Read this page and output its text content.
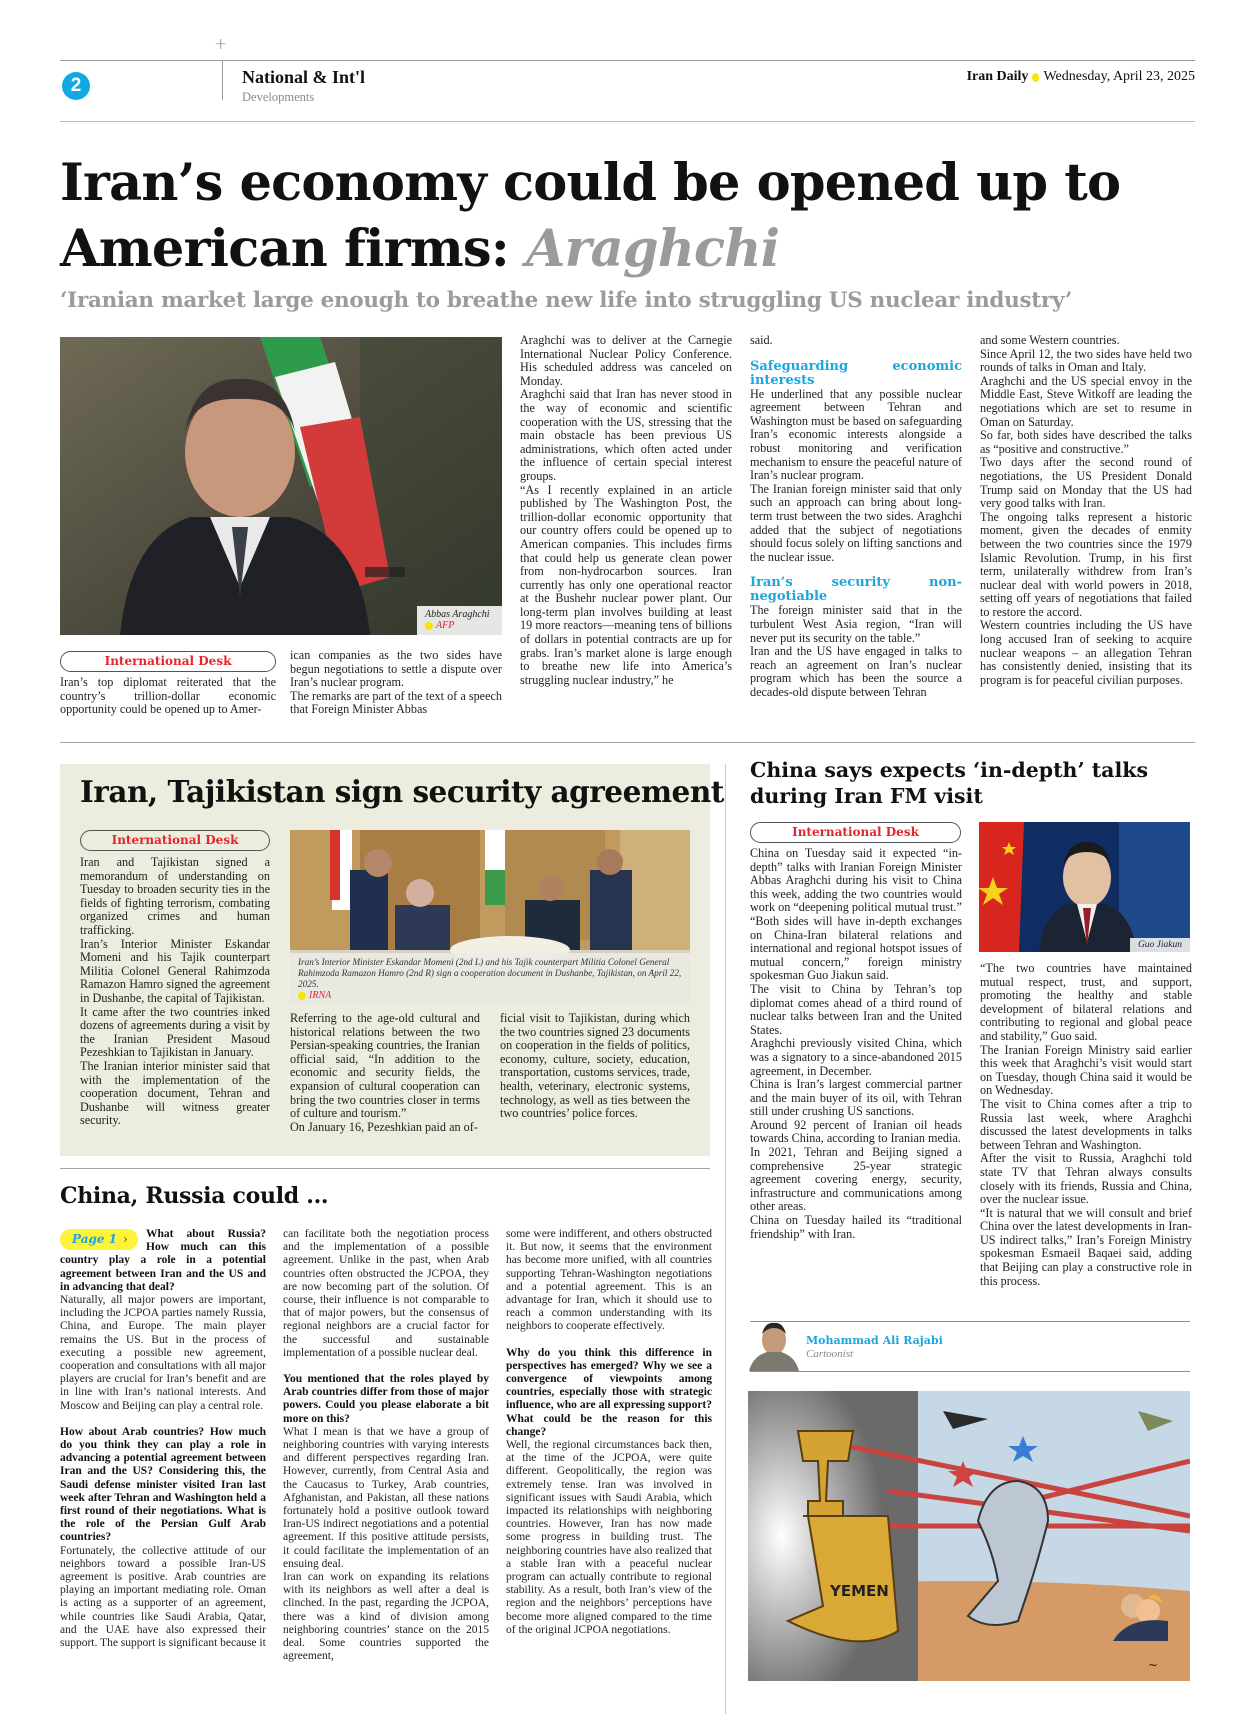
+
2	National & Int'l
Developments
Iran Daily Wednesday, April 23, 2025
Iran’s economy could be opened up to American firms: Araghchi
‘Iranian market large enough to breathe new life into struggling US nuclear industry’
Abbas Araghchi
AFP
International Desk

Iran’s top diplomat reiterated that the country’s trillion-dollar economic opportunity could be opened up to Amer-

ican companies as the two sides have begun negotiations to settle a dispute over Iran’s nuclear program.

The remarks are part of the text of a speech that Foreign Minister Abbas

Araghchi was to deliver at the Carnegie International Nuclear Policy Conference. His scheduled address was canceled on Monday.

Araghchi said that Iran has never stood in the way of economic and scientific cooperation with the US, stressing that the main obstacle has been previous US administrations, which often acted under the influence of certain special interest groups.

“As I recently explained in an article published by The Washington Post, the trillion-dollar economic opportunity that our country offers could be opened up to American companies. This includes firms that could help us generate clean power from non-hydrocarbon sources. Iran currently has only one operational reactor at the Bushehr nuclear power plant. Our long-term plan involves building at least 19 more reactors—meaning tens of billions of dollars in potential contracts are up for grabs. Iran’s market alone is large enough to breathe new life into America’s struggling nuclear industry,” he

said.

Safeguarding economic interests

He underlined that any possible nuclear agreement between Tehran and Washington must be based on safeguarding Iran’s economic interests alongside a robust monitoring and verification mechanism to ensure the peaceful nature of Iran’s nuclear program.

The Iranian foreign minister said that only such an approach can bring about long-term trust between the two sides. Araghchi added that the subject of negotiations should focus solely on lifting sanctions and the nuclear issue.

Iran’s security non-negotiable

The foreign minister said that in the turbulent West Asia region, “Iran will never put its security on the table.”

Iran and the US have engaged in talks to reach an agreement on Iran’s nuclear program which has been the source a decades-old dispute between Tehran

and some Western countries.

Since April 12, the two sides have held two rounds of talks in Oman and Italy.

Araghchi and the US special envoy in the Middle East, Steve Witkoff are leading the negotiations which are set to resume in Oman on Saturday.

So far, both sides have described the talks as “positive and constructive.”

Two days after the second round of negotiations, the US President Donald Trump said on Monday that the US had very good talks with Iran.

The ongoing talks represent a historic moment, given the decades of enmity between the two countries since the 1979 Islamic Revolution. Trump, in his first term, unilaterally withdrew from Iran’s nuclear deal with world powers in 2018, setting off years of negotiations that failed to restore the accord.

Western countries including the US have long accused Iran of seeking to acquire nuclear weapons – an allegation Tehran has consistently denied, insisting that its program is for peaceful civilian purposes.

Iran, Tajikistan sign security agreement
International Desk
Iran’s Interior Minister Eskandar Momeni (2nd L) and his Tajik counterpart Militia Colonel General Rahimzoda Ramazon Hamro (2nd R) sign a cooperation document in Dushanbe, Tajikistan, on April 22, 2025.
IRNA

Iran and Tajikistan signed a memorandum of understanding on Tuesday to broaden security ties in the fields of fighting terrorism, combating organized crimes and human trafficking.

Iran’s Interior Minister Eskandar Momeni and his Tajik counterpart Militia Colonel General Rahimzoda Ramazon Hamro signed the agreement in Dushanbe, the capital of Tajikistan.

It came after the two countries inked dozens of agreements during a visit by the Iranian President Masoud Pezeshkian to Tajikistan in January.

The Iranian interior minister said that with the implementation of the cooperation document, Tehran and Dushanbe will witness greater security.

Referring to the age-old cultural and historical relations between the two Persian-speaking countries, the Iranian official said, “In addition to the economic and security fields, the expansion of cultural cooperation can bring the two countries closer in terms of culture and tourism.”

On January 16, Pezeshkian paid an of-

ficial visit to Tajikistan, during which the two countries signed 23 documents on cooperation in the fields of politics, economy, culture, society, education, transportation, customs services, trade, health, veterinary, electronic systems, technology, as well as ties between the two countries’ police forces.

China says expects ‘in-depth’ talks during Iran FM visit
International Desk

China on Tuesday said it expected “in-depth” talks with Iranian Foreign Minister Abbas Araghchi during his visit to China this week, adding the two countries would work on “deepening political mutual trust.”

“Both sides will have in-depth exchanges on China-Iran bilateral relations and international and regional hotspot issues of mutual concern,” foreign ministry spokesman Guo Jiakun said.

The visit to China by Tehran’s top diplomat comes ahead of a third round of nuclear talks between Iran and the United States.

Araghchi previously visited China, which was a signatory to a since-abandoned 2015 agreement, in December.

China is Iran’s largest commercial partner and the main buyer of its oil, with Tehran still under crushing US sanctions.

Around 92 percent of Iranian oil heads towards China, according to Iranian media.

In 2021, Tehran and Beijing signed a comprehensive 25-year strategic agreement covering energy, security, infrastructure and communications among other areas.

China on Tuesday hailed its “traditional friendship” with Iran.

Guo Jiakun

“The two countries have maintained mutual respect, trust, and support, promoting the healthy and stable development of bilateral relations and contributing to regional and global peace and stability,” Guo said.

The Iranian Foreign Ministry said earlier this week that Araghchi’s visit would start on Tuesday, though China said it would be on Wednesday.

The visit to China comes after a trip to Russia last week, where Araghchi discussed the latest developments in talks between Tehran and Washington.

After the visit to Russia, Araghchi told state TV that Tehran always consults closely with its friends, Russia and China, over the nuclear issue.

“It is natural that we will consult and brief China over the latest developments in Iran-US indirect talks,” Iran’s Foreign Ministry spokesman Esmaeil Baqaei said, adding that Beijing can play a constructive role in this process.

Mohammad Ali Rajabi
Cartoonist
YEMEN
~
China, Russia could ...

Page 1 ›	What about Russia? How much can this country play a role in a potential agreement between Iran and the US and in advancing that deal?

Naturally, all major powers are important, including the JCPOA parties namely Russia, China, and Europe. The main player remains the US. But in the process of executing a possible new agreement, cooperation and consultations with all major players are crucial for Iran’s benefit and are in line with Iran’s national interests. And Moscow and Beijing can play a central role.

How about Arab countries? How much do you think they can play a role in advancing a potential agreement between Iran and the US? Considering this, the Saudi defense minister visited Iran last week after Tehran and Washington held a first round of their negotiations. What is the role of the Persian Gulf Arab countries?

Fortunately, the collective attitude of our neighbors toward a possible Iran-US agreement is positive. Arab countries are playing an important mediating role. Oman is acting as a supporter of an agreement, while countries like Saudi Arabia, Qatar, and the UAE have also expressed their support. The support is significant because it

can facilitate both the negotiation process and the implementation of a possible agreement. Unlike in the past, when Arab countries often obstructed the JCPOA, they are now becoming part of the solution. Of course, their influence is not comparable to that of major powers, but the consensus of regional neighbors are a crucial factor for the successful and sustainable implementation of a possible nuclear deal.

You mentioned that the roles played by Arab countries differ from those of major powers. Could you please elaborate a bit more on this?

What I mean is that we have a group of neighboring countries with varying interests and different perspectives regarding Iran. However, currently, from Central Asia and the Caucasus to Turkey, Arab countries, Afghanistan, and Pakistan, all these nations fortunately hold a positive outlook toward Iran-US indirect negotiations and a potential agreement. If this positive attitude persists, it could facilitate the implementation of an ensuing deal.

Iran can work on expanding its relations with its neighbors as well after a deal is clinched. In the past, regarding the JCPOA, there was a kind of division among neighboring countries’ stance on the 2015 deal. Some countries supported the agreement,

some were indifferent, and others obstructed it. But now, it seems that the environment has become more unified, with all countries supporting Tehran-Washington negotiations and a potential agreement. This is an advantage for Iran, which it should use to reach a common understanding with its neighbors to cooperate effectively.

Why do you think this difference in perspectives has emerged? Why we see a convergence of viewpoints among countries, especially those with strategic influence, who are all expressing support? What could be the reason for this change?

Well, the regional circumstances back then, at the time of the JCPOA, were quite different. Geopolitically, the region was extremely tense. Iran was involved in significant issues with Saudi Arabia, which impacted its relationships with neighboring countries. However, Iran has now made some progress in building trust. The neighboring countries have also realized that a stable Iran with a peaceful nuclear program can actually contribute to regional stability. As a result, both Iran’s view of the region and the neighbors’ perceptions have become more aligned compared to the time of the original JCPOA negotiations.
